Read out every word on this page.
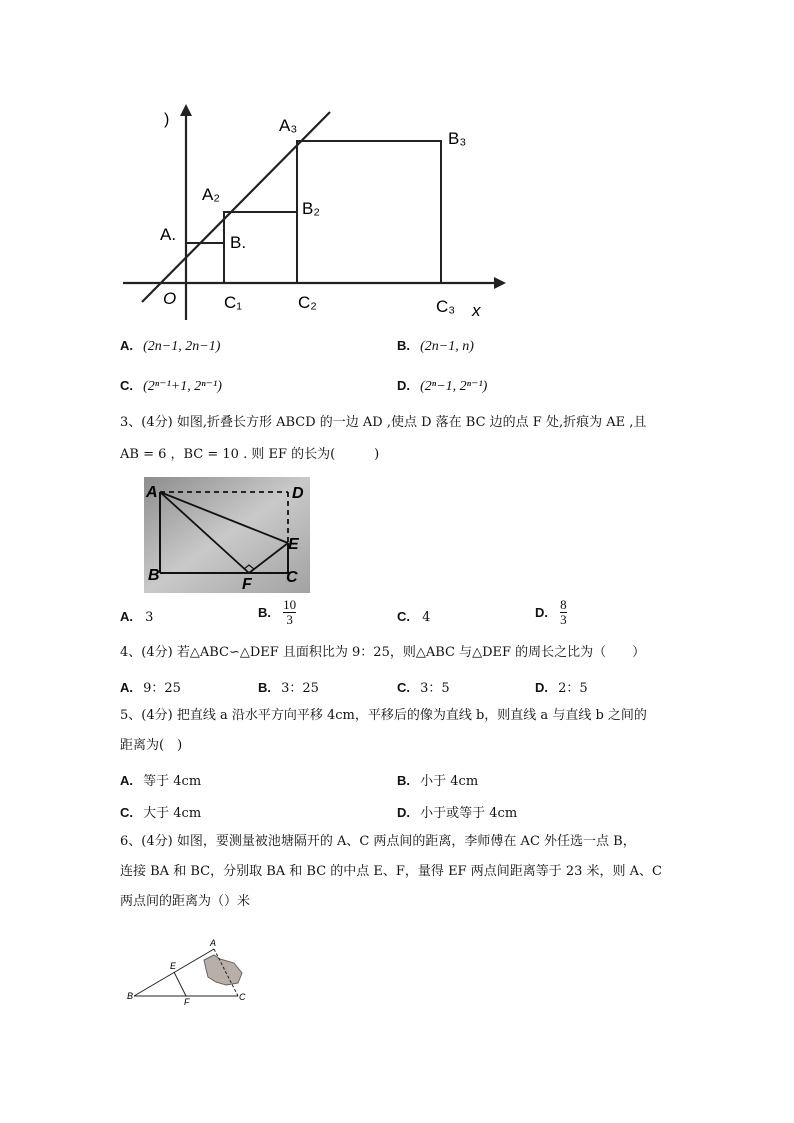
)
x
O
A.
A₂
A₃
B.
B₂
B₃
C₁	C₂	C₃
A. (2n−1, 2n−1)	B. (2n−1, n)
C. (2ⁿ⁻¹+1, 2ⁿ⁻¹)	D. (2ⁿ−1, 2ⁿ⁻¹)
3、(4分) 如图,折叠长方形 ABCD 的一边 AD ,使点 D 落在 BC 边的点 F 处,折痕为 AE ,且
AB = 6 ，BC = 10 . 则 EF 的长为(　　　)
A	D
E
B	C
F
A. 3	B. $\frac{10}{3}$	C. 4	D. $\frac{8}{3}$
4、(4分) 若△ABC∽△DEF 且面积比为 9：25，则△ABC 与△DEF 的周长之比为（　　）
A. 9：25	B. 3：25	C. 3：5	D. 2：5
5、(4分) 把直线 a 沿水平方向平移 4cm，平移后的像为直线 b，则直线 a 与直线 b 之间的
距离为(　)
A. 等于 4cm	B. 小于 4cm
C. 大于 4cm	D. 小于或等于 4cm
6、(4分) 如图，要测量被池塘隔开的 A、C 两点间的距离，李师傅在 AC 外任选一点 B，
连接 BA 和 BC，分别取 BA 和 BC 的中点 E、F，量得 EF 两点间距离等于 23 米，则 A、C
两点间的距离为（）米
A
B	C
E
F
